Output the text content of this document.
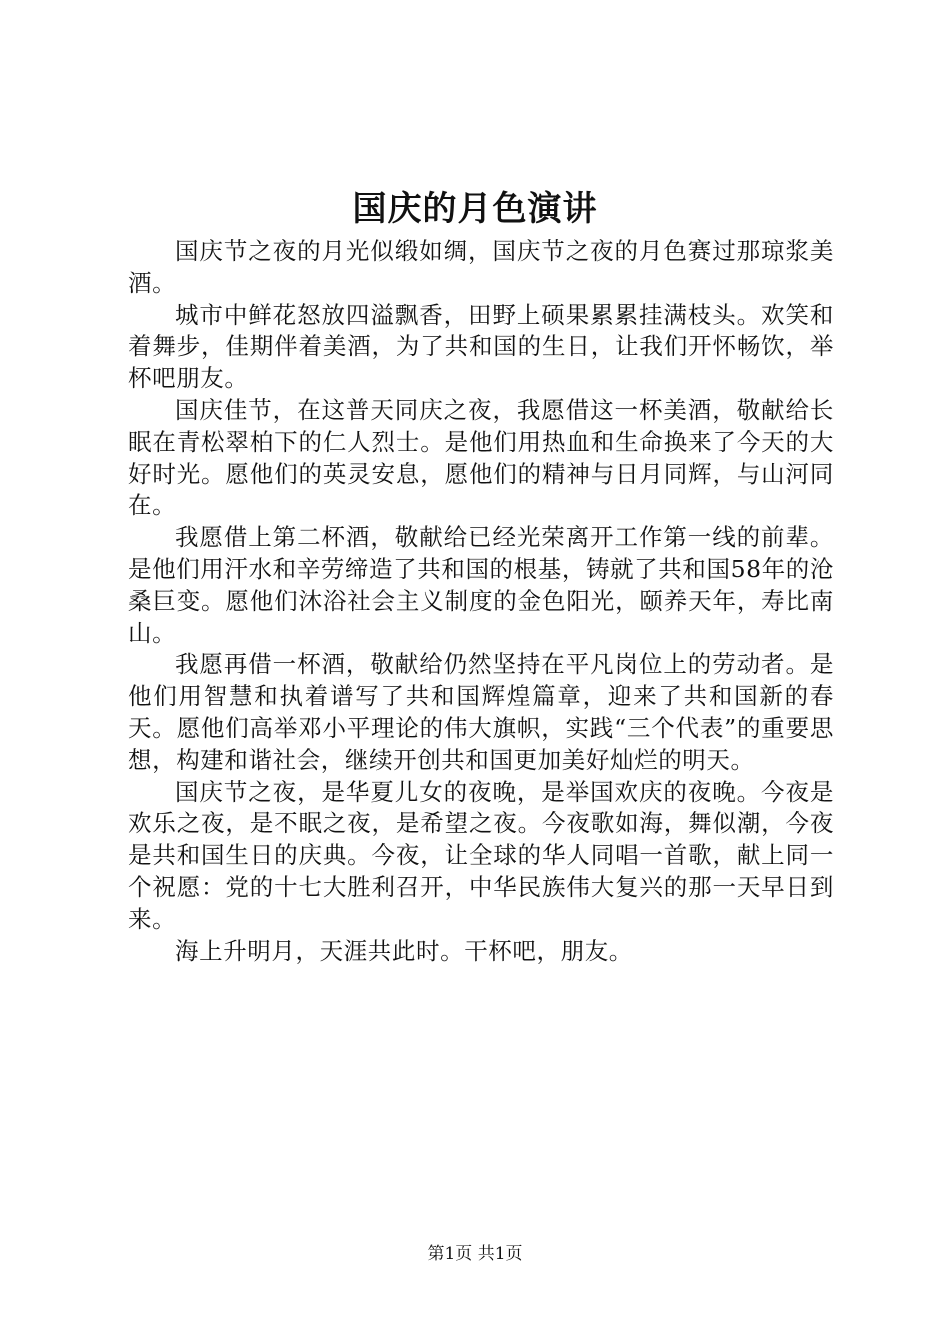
国庆的月色演讲

国庆节之夜的月光似缎如绸，国庆节之夜的月色赛过那琼浆美酒。

城市中鲜花怒放四溢飘香，田野上硕果累累挂满枝头。欢笑和着舞步，佳期伴着美酒，为了共和国的生日，让我们开怀畅饮，举杯吧朋友。

国庆佳节，在这普天同庆之夜，我愿借这一杯美酒，敬献给长眠在青松翠柏下的仁人烈士。是他们用热血和生命换来了今天的大好时光。愿他们的英灵安息，愿他们的精神与日月同辉，与山河同在。

我愿借上第二杯酒，敬献给已经光荣离开工作第一线的前辈。是他们用汗水和辛劳缔造了共和国的根基，铸就了共和国58年的沧桑巨变。愿他们沐浴社会主义制度的金色阳光，颐养天年，寿比南山。

我愿再借一杯酒，敬献给仍然坚持在平凡岗位上的劳动者。是他们用智慧和执着谱写了共和国辉煌篇章，迎来了共和国新的春天。愿他们高举邓小平理论的伟大旗帜，实践“三个代表”的重要思想，构建和谐社会，继续开创共和国更加美好灿烂的明天。

国庆节之夜，是华夏儿女的夜晚，是举国欢庆的夜晚。今夜是欢乐之夜，是不眠之夜，是希望之夜。今夜歌如海，舞似潮，今夜是共和国生日的庆典。今夜，让全球的华人同唱一首歌，献上同一个祝愿：党的十七大胜利召开，中华民族伟大复兴的那一天早日到来。

海上升明月，天涯共此时。干杯吧，朋友。

第1页 共1页
